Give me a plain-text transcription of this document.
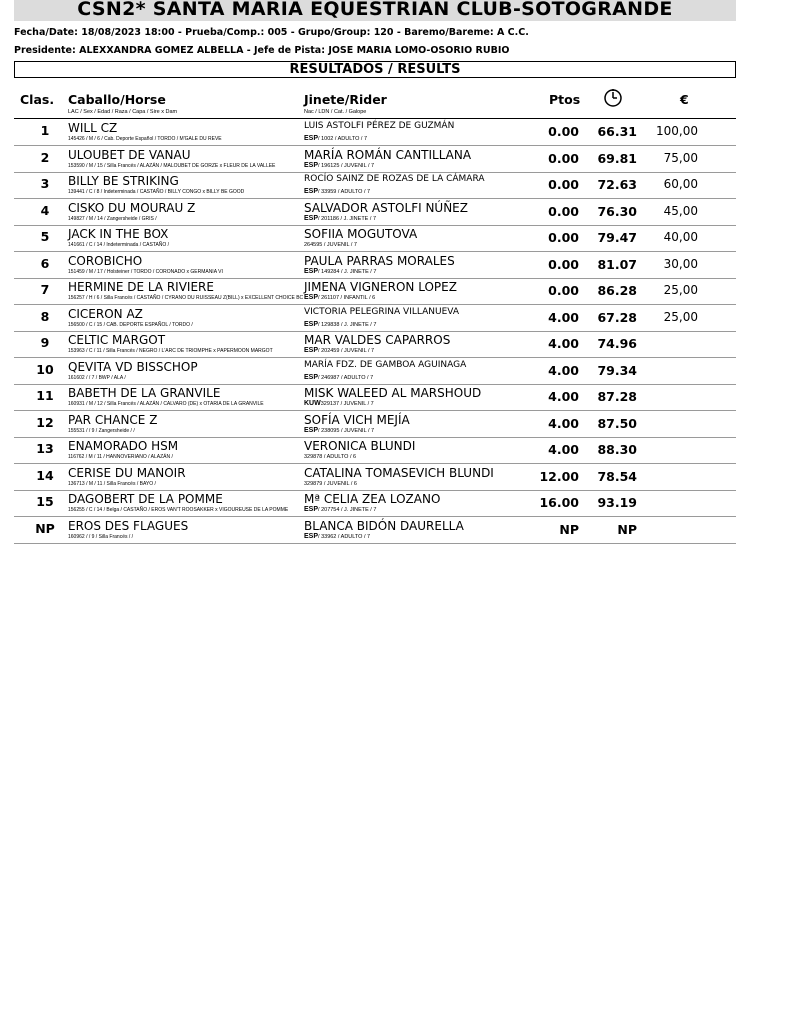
CSN2* SANTA MARIA EQUESTRIAN CLUB-SOTOGRANDE
Fecha/Date: 18/08/2023 18:00 - Prueba/Comp.: 005 - Grupo/Group: 120 - Baremo/Bareme: A C.C.
Presidente: ALEXXANDRA GOMEZ ALBELLA - Jefe de Pista: JOSE MARIA LOMO-OSORIO RUBIO
RESULTADOS / RESULTS
Clas. Caballo/Horse
LAC / Sex / Edad / Raza / Capa / Sire x Dam
Jinete/Rider
Nac / LDN / Cat. / Galope
Ptos	€
1	WILL CZ
145426 / M / 6 / Cab. Deporte Español / TORDO / M'GALE DU REVE
LUIS ASTOLFI PÉREZ DE GUZMÁN
ESP/ 1002 / ADULTO / 7	0.00	66.31	100,00
2	ULOUBET DE VANAU
153590 / M / 15 / Silla Francés / ALAZÁN / MALOUBET DE GORZE x FLEUR DE LA VALLEE
MARÍA ROMÁN CANTILLANA
ESP/ 196125 / JUVENIL / 7	0.00	69.81	75,00
3	BILLY BE STRIKING
139441 / C / 8 / Indeterminada / CASTAÑO / BILLY CONGO x BILLY BE GOOD
ROCÍO SAINZ DE ROZAS DE LA CÁMARA
ESP/ 33959 / ADULTO / 7	0.00	72.63	60,00
4	CISKO DU MOURAU Z
149827 / M / 14 / Zangersheide / GRIS /
SALVADOR ASTOLFI NÚÑEZ
ESP/ 201186 / J. JINETE / 7	0.00	76.30	45,00
5	JACK IN THE BOX
141661 / C / 14 / Indeterminada / CASTAÑO /
SOFIIA MOGUTOVA
264595 / JUVENIL / 7	0.00	79.47	40,00
6	COROBICHO
151459 / M / 17 / Holsteiner / TORDO / CORONADO x GERMANIA VI
PAULA PARRAS MORALES
ESP/ 149284 / J. JINETE / 7	0.00	81.07	30,00
7	HERMINE DE LA RIVIERE
156257 / H / 6 / Silla Francés / CASTAÑO / CYRANO DU RUISSEAU Z(BILL) x EXCELLENT CHOICE BC
JIMENA VIGNERON LOPEZ
ESP/ 261107 / INFANTIL / 6	0.00	86.28	25,00
8	CICERON AZ
156500 / C / 15 / CAB. DEPORTE ESPAÑOL / TORDO /
VICTORIA PELEGRINA VILLANUEVA
ESP/ 129838 / J. JINETE / 7	4.00	67.28	25,00
9	CELTIC MARGOT
153963 / C / 11 / Silla Francés / NEGRO / L'ARC DE TRIOMPHE x PAPERMOON MARGOT
MAR VALDES CAPARROS
ESP/ 202459 / JUVENIL / 7	4.00	74.96
10	QEVITA VD BISSCHOP
161602 / / 7 / BWP / ALA /
MARÍA FDZ. DE GAMBOA AGUINAGA
ESP/ 246987 / ADULTO / 7	4.00	79.34
11	BABETH DE LA GRANVILE
160931 / M / 12 / Silla Francés / ALAZÁN / CALVARO (DE) x OTARIA DE LA GRANVILE
MISK WALEED AL MARSHOUD
KUW329137 / JUVENIL / 7	4.00	87.28
12	PAR CHANCE Z
155531 / / 9 / Zangersheide / /
SOFÍA VICH MEJÍA
ESP/ 238095 / JUVENIL / 7	4.00	87.50
13	ENAMORADO HSM
116762 / M / 11 / HANNOVERIANO / ALAZÁN /
VERONICA BLUNDI
329878 / ADULTO / 6	4.00	88.30
14	CERISE DU MANOIR
136713 / M / 11 / Silla Francés / BAYO /
CATALINA TOMASEVICH BLUNDI
329879 / JUVENIL / 6	12.00	78.54
15	DAGOBERT DE LA POMME
156255 / C / 14 / Belga / CASTAÑO / EROS VAN'T ROOSAKKER x VIGOUREUSE DE LA POMME
Mª CELIA ZEA LOZANO
ESP/ 207754 / J. JINETE / 7	16.00	93.19
NP	EROS DES FLAGUES
160962 / / 9 / Silla Francés / /
BLANCA BIDÓN DAURELLA
ESP/ 33962 / ADULTO / 7	NP	NP
